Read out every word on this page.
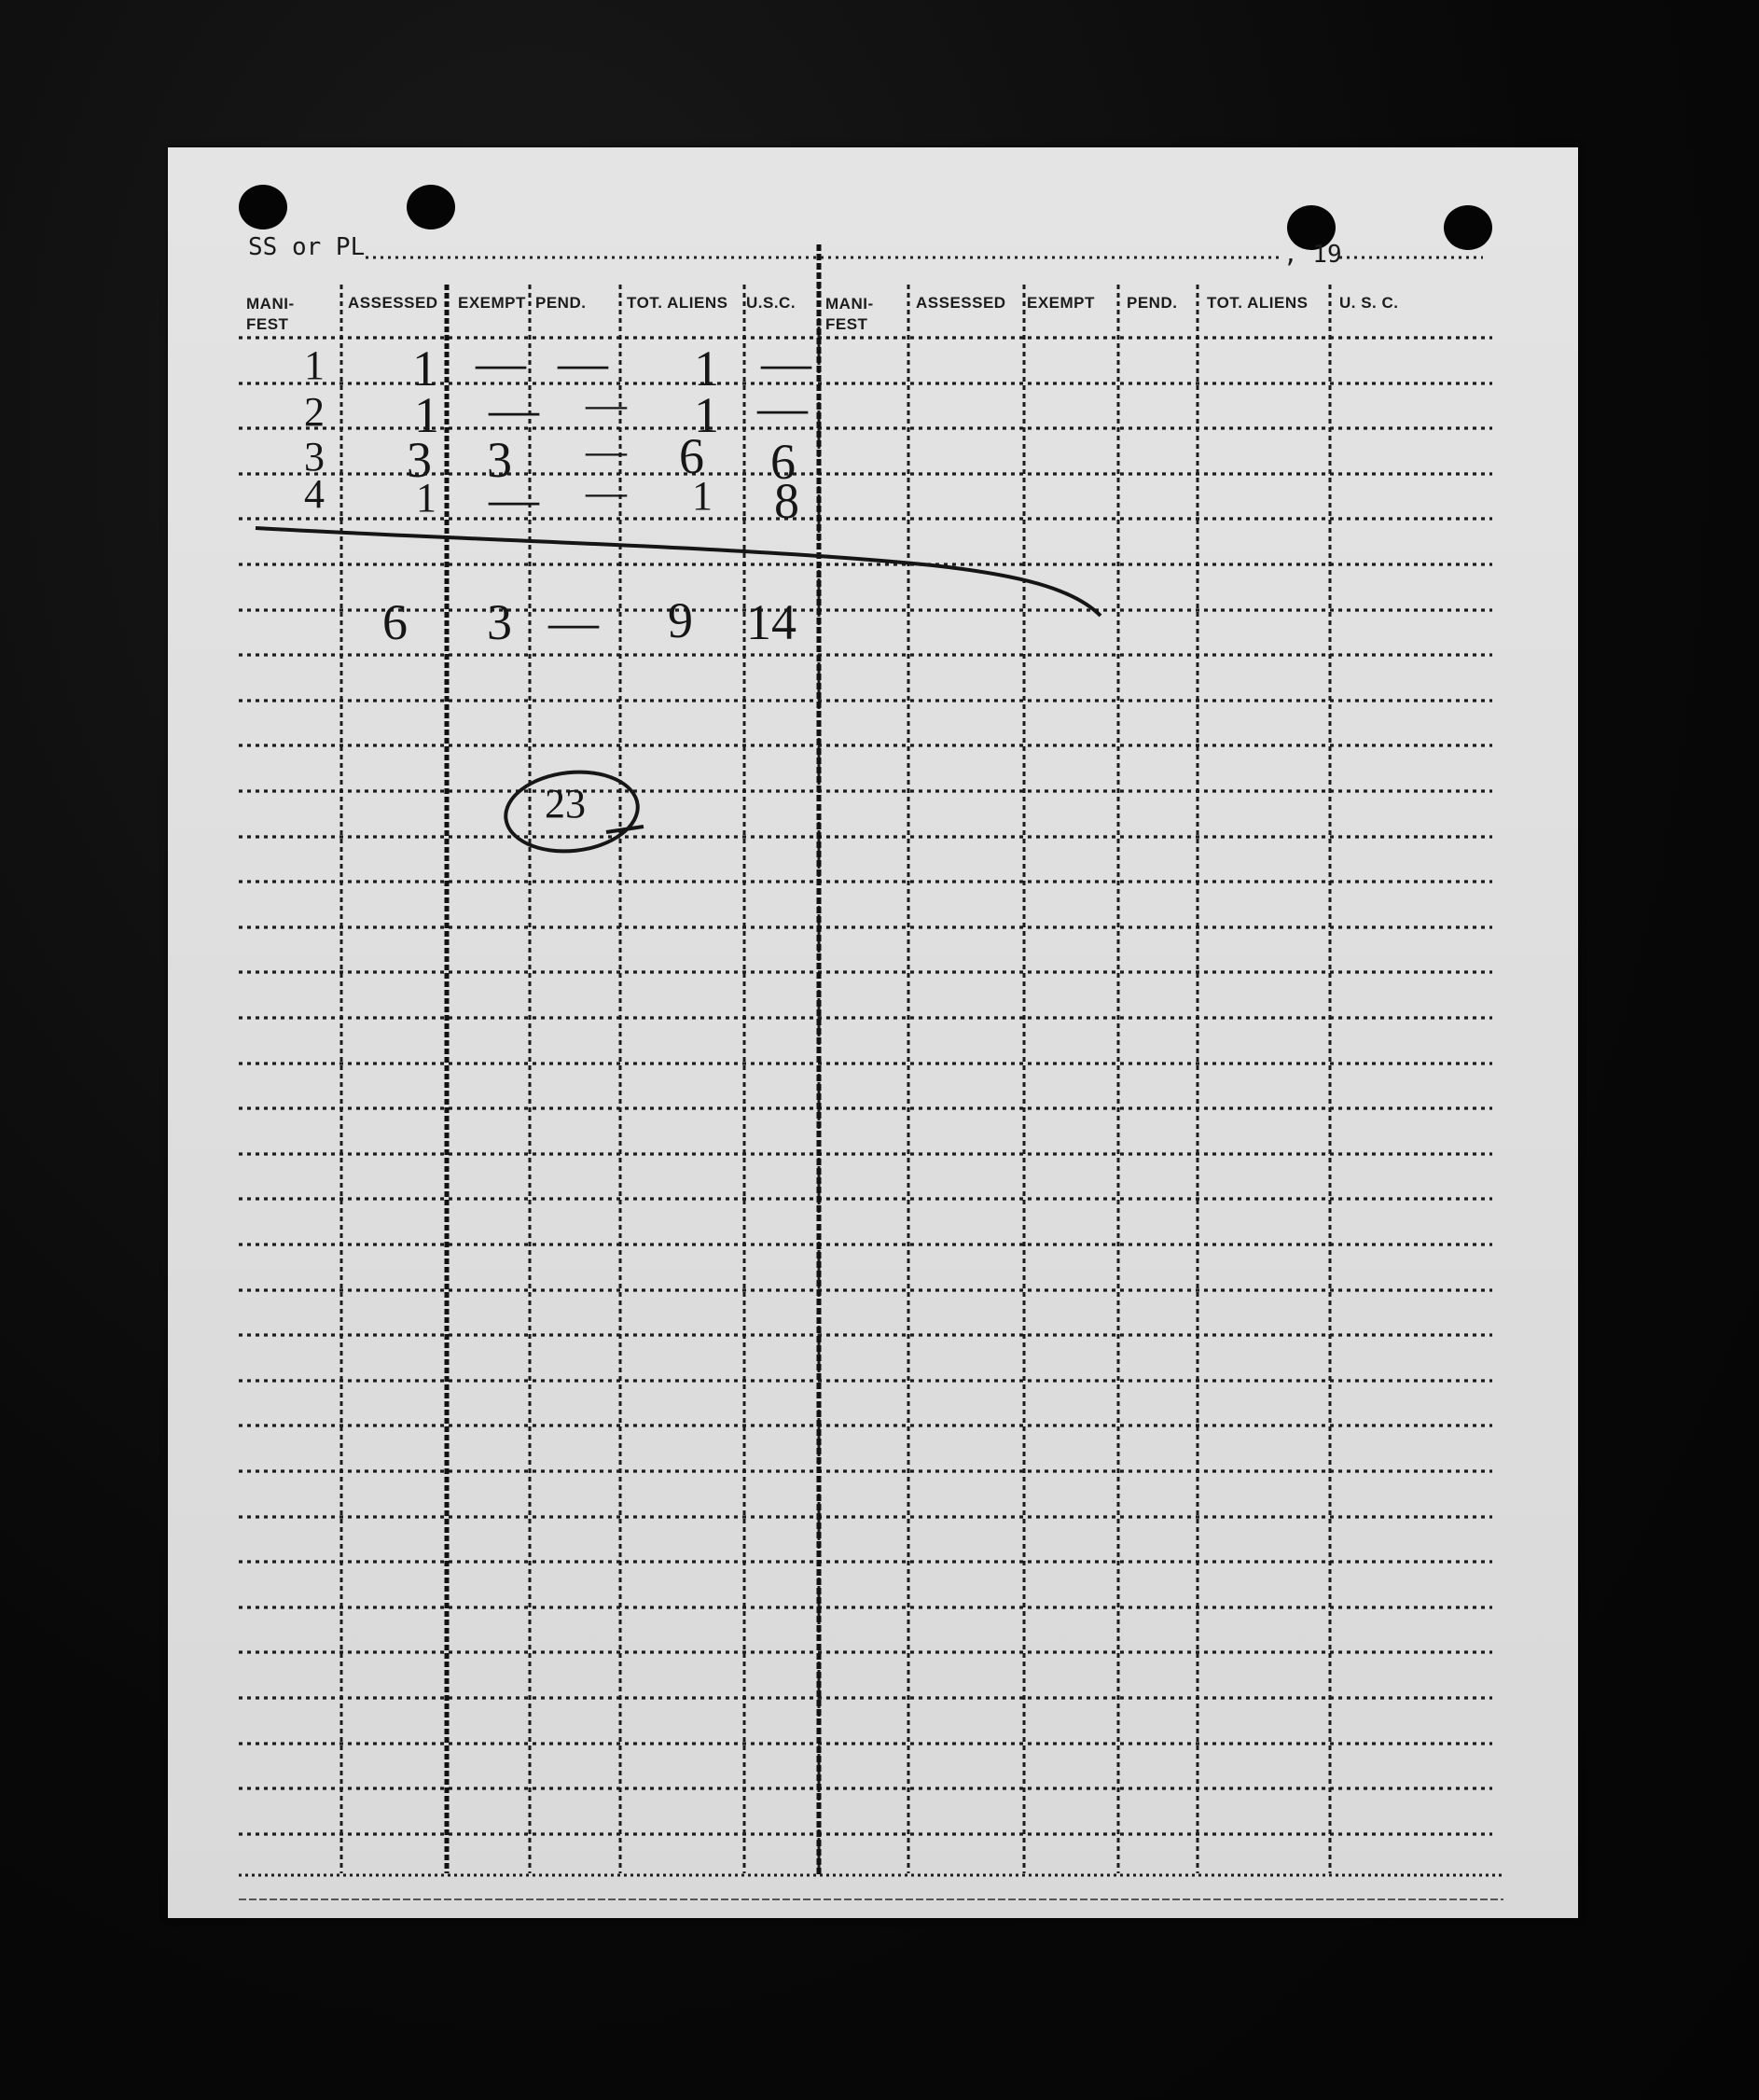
SS or PL	, 19
MANI-
FEST
ASSESSED EXEMPT PEND.	TOT. ALIENS U.S.C. MANI-
FEST
ASSESSED EXEMPT PEND. TOT. ALIENS U. S. C.
1 1 — — 1 —
2 1 — — 1 —
3 3 3 — 6 6
4 1 — — 1 8
6 3 — 9 14
23
